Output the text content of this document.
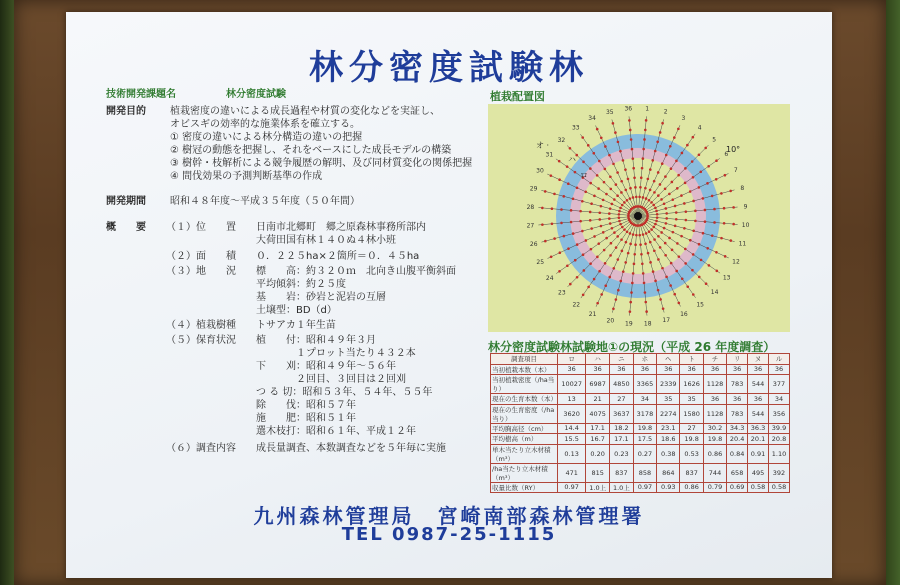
林分密度試験林
技術開発課題名	林分密度試験
開発目的 植栽密度の違いによる成長過程や材質の変化などを実証し、
オビスギの効率的な施業体系を確立する。
① 密度の違いによる林分構造の違いの把握
② 樹冠の動態を把握し、それをベースにした成長モデルの構築
③ 樹幹・枝解析による競争履歴の解明、及び同材質変化の関係把握
④ 間伐効果の予測判断基準の作成
開発期間 昭和４８年度～平成３５年度（５０年間）
概　　要 （１）位　　置　　日南市北郷町　郷之原森林事務所部内
　　　　　　　　　大荷田国有林１４０ぬ４林小班
（２）面　　積　　０．２２５ha×２箇所＝０．４５ha
（３）地　　況　　標　　高：約３２０ｍ　北向き山腹平衡斜面
　　　　　　　　　平均傾斜：約２５度
　　　　　　　　　基　　岩：砂岩と泥岩の互層
　　　　　　　　　土壌型：BD（d）
（４）植栽樹種　　トサアカ１年生苗
（５）保育状況　　植　　付：昭和４９年３月
　　　　　　　　　　　　　１プロット当たり４３２本
　　　　　　　　　下　　刈：昭和４９年～５６年
　　　　　　　　　　　　　２回目、３回目は２回刈
　　　　　　　　　つ る 切：昭和５３年、５４年、５５年
　　　　　　　　　除　　伐：昭和５７年
　　　　　　　　　施　　肥：昭和５１年
　　　　　　　　　選木枝打：昭和６１年、平成１２年
（６）調査内容　　成長量調査、本数調査などを５年毎に実施
植栽配置図
36 1 2
3
4
5
6
7
8
9
10
11
12
13
14
15
16
17
18
19
20
21
22
23
24
25
26
27
28
29
30
31
32
33
34
35
オ ·
ハ
ロ
10°
林分密度試験林試験地①の現況（平成 26 年度調査）
調査項目	ロ	ハ	ニ	ホ	ヘ	ト	チ	リ	ヌ	ル
当初植栽本数（本）	36	36	36	36	36	36	36	36	36	36
当初植栽密度（/ha当り）	10027	6987	4850	3365	2339	1626	1128	783	544	377
現在の生育本数（本）	13	21	27	34	35	35	36	36	36	34
現在の生育密度（/ha当り）	3620	4075	3637	3178	2274	1580	1128	783	544	356
平均胸高径（cm）	14.4	17.1	18.2	19.8	23.1	27	30.2	34.3	36.3	39.9
平均樹高（m）	15.5	16.7	17.1	17.5	18.6	19.8	19.8	20.4	20.1	20.8
単木当たり立木材積（m³）	0.13	0.20	0.23	0.27	0.38	0.53	0.86	0.84	0.91	1.10
/ha当たり立木材積（m³）	471	815	837	858	864	837	744	658	495	392
収量比数（RY）	0.97	1.0上	1.0上	0.97	0.93	0.86	0.79	0.69	0.58	0.58
九州森林管理局　宮崎南部森林管理署
TEL 0987-25-1115
